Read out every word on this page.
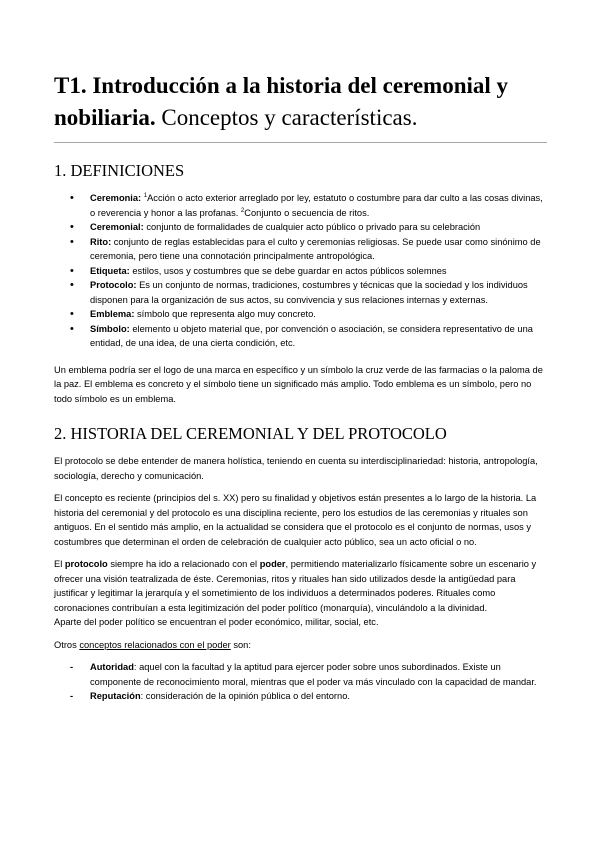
T1. Introducción a la historia del ceremonial y nobiliaria. Conceptos y características.
1. DEFINICIONES
• Ceremonia: $^1$Acción o acto exterior arreglado por ley, estatuto o costumbre para dar culto a las cosas divinas, o reverencia y honor a las profanas. $^2$Conjunto o secuencia de ritos.
• Ceremonial: conjunto de formalidades de cualquier acto público o privado para su celebración
• Rito: conjunto de reglas establecidas para el culto y ceremonias religiosas. Se puede usar como sinónimo de ceremonia, pero tiene una connotación principalmente antropológica.
• Etiqueta: estilos, usos y costumbres que se debe guardar en actos públicos solemnes
• Protocolo: Es un conjunto de normas, tradiciones, costumbres y técnicas que la sociedad y los individuos disponen para la organización de sus actos, su convivencia y sus relaciones internas y externas.
• Emblema: símbolo que representa algo muy concreto.
• Símbolo: elemento u objeto material que, por convención o asociación, se considera representativo de una entidad, de una idea, de una cierta condición, etc.

Un emblema podría ser el logo de una marca en específico y un símbolo la cruz verde de las farmacias o la paloma de la paz. El emblema es concreto y el símbolo tiene un significado más amplio. Todo emblema es un símbolo, pero no todo símbolo es un emblema.

2. HISTORIA DEL CEREMONIAL Y DEL PROTOCOLO

El protocolo se debe entender de manera holística, teniendo en cuenta su interdisciplinariedad: historia, antropología, sociología, derecho y comunicación.

El concepto es reciente (principios del s. XX) pero su finalidad y objetivos están presentes a lo largo de la historia. La historia del ceremonial y del protocolo es una disciplina reciente, pero los estudios de las ceremonias y rituales son antiguos. En el sentido más amplio, en la actualidad se considera que el protocolo es el conjunto de normas, usos y costumbres que determinan el orden de celebración de cualquier acto público, sea un acto oficial o no.

El protocolo siempre ha ido a relacionado con el poder, permitiendo materializarlo físicamente sobre un escenario y ofrecer una visión teatralizada de éste. Ceremonias, ritos y rituales han sido utilizados desde la antigüedad para justificar y legitimar la jerarquía y el sometimiento de los individuos a determinados poderes. Rituales como coronaciones contribuían a esta legitimización del poder político (monarquía), vinculándolo a la divinidad.
Aparte del poder político se encuentran el poder económico, militar, social, etc.

Otros conceptos relacionados con el poder son:

- Autoridad: aquel con la facultad y la aptitud para ejercer poder sobre unos subordinados. Existe un componente de reconocimiento moral, mientras que el poder va más vinculado con la capacidad de mandar.
- Reputación: consideración de la opinión pública o del entorno.
